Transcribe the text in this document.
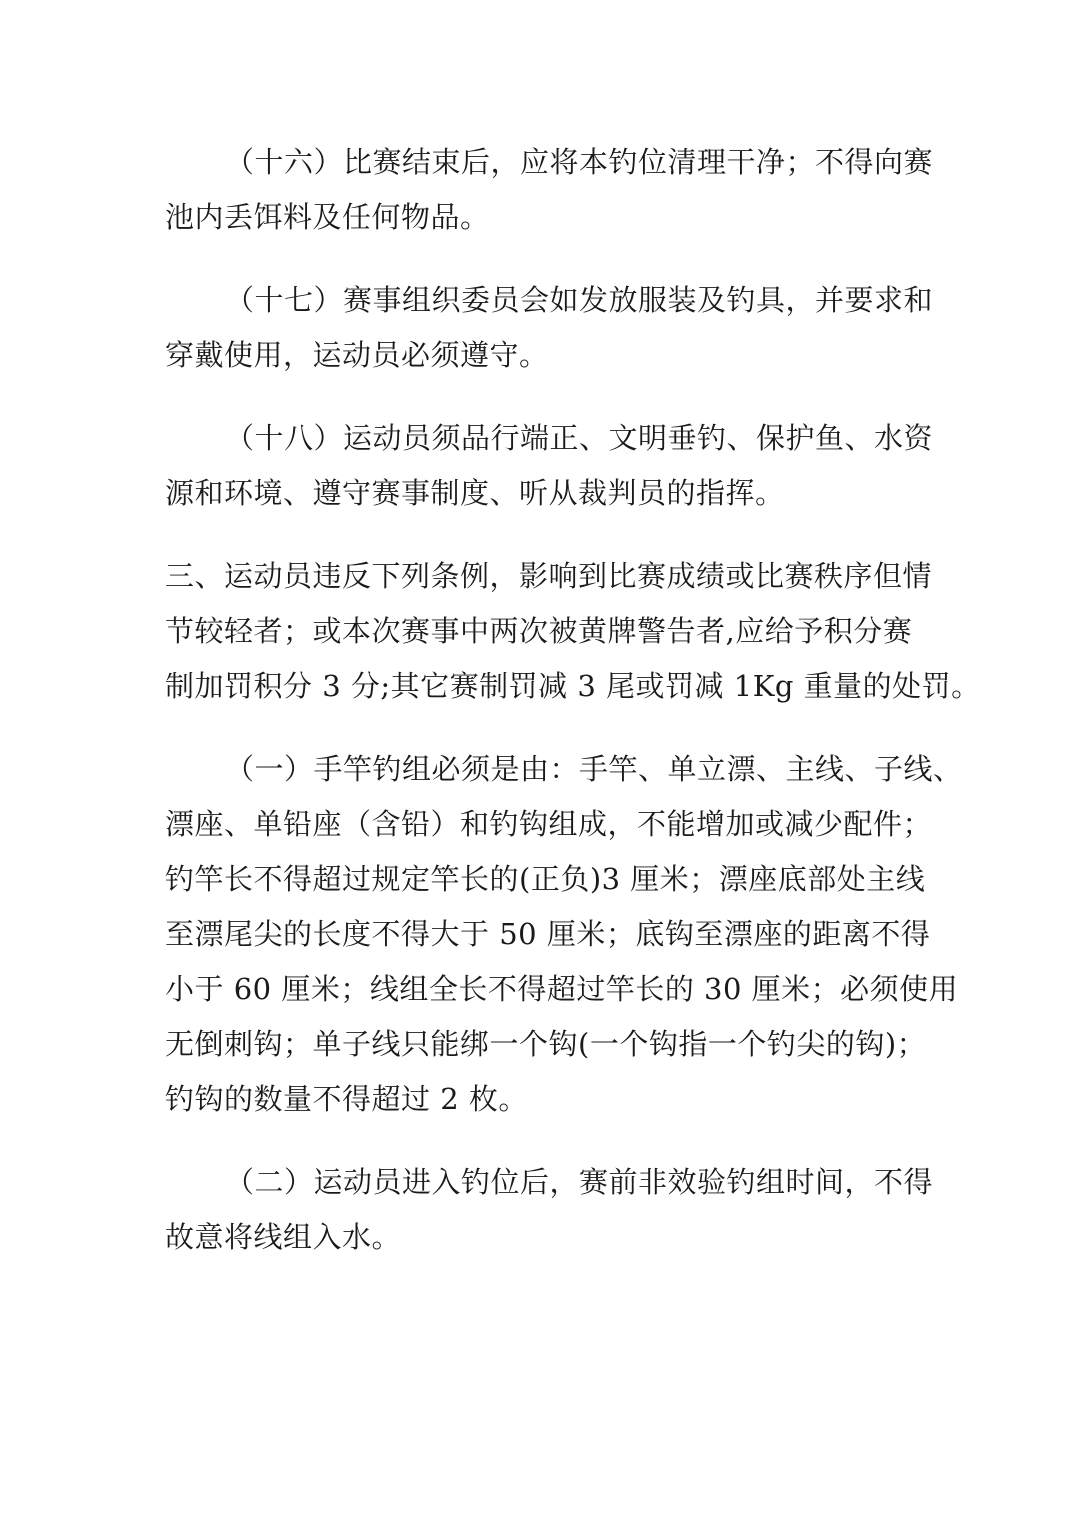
（十六）比赛结束后，应将本钓位清理干净；不得向赛
池内丢饵料及任何物品。
（十七）赛事组织委员会如发放服装及钓具，并要求和
穿戴使用，运动员必须遵守。
（十八）运动员须品行端正、文明垂钓、保护鱼、水资
源和环境、遵守赛事制度、听从裁判员的指挥。
三、运动员违反下列条例，影响到比赛成绩或比赛秩序但情
节较轻者；或本次赛事中两次被黄牌警告者,应给予积分赛
制加罚积分 3 分;其它赛制罚减 3 尾或罚减 1Kg 重量的处罚。
（一）手竿钓组必须是由：手竿、单立漂、主线、子线、
漂座、单铅座（含铅）和钓钩组成，不能增加或减少配件；
钓竿长不得超过规定竿长的(正负)3 厘米；漂座底部处主线
至漂尾尖的长度不得大于 50 厘米；底钩至漂座的距离不得
小于 60 厘米；线组全长不得超过竿长的 30 厘米；必须使用
无倒刺钩；单子线只能绑一个钩(一个钩指一个钓尖的钩)；
钓钩的数量不得超过 2 枚。
（二）运动员进入钓位后，赛前非效验钓组时间，不得
故意将线组入水。
